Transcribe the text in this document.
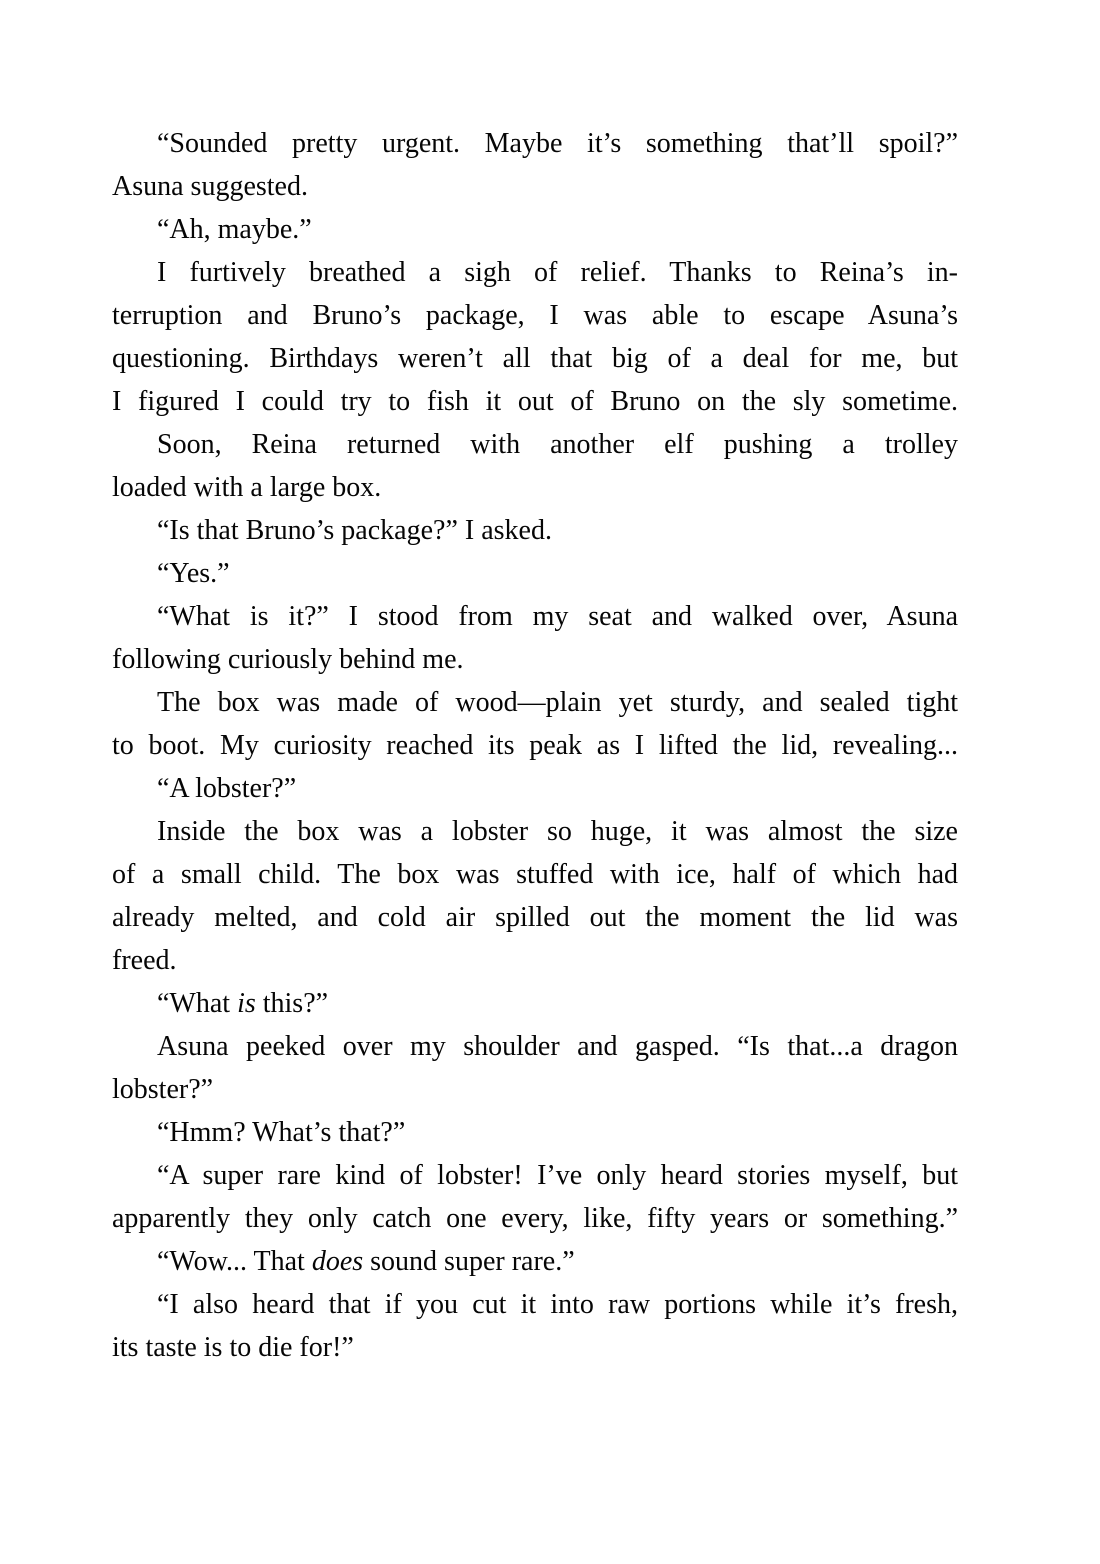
“Sounded pretty urgent. Maybe it’s something that’ll spoil?”
Asuna suggested.
“Ah, maybe.”
I furtively breathed a sigh of relief. Thanks to Reina’s in-
terruption and Bruno’s package, I was able to escape Asuna’s
questioning. Birthdays weren’t all that big of a deal for me, but
I figured I could try to fish it out of Bruno on the sly sometime.
Soon, Reina returned with another elf pushing a trolley
loaded with a large box.
“Is that Bruno’s package?” I asked.
“Yes.”
“What is it?” I stood from my seat and walked over, Asuna
following curiously behind me.
The box was made of wood—plain yet sturdy, and sealed tight
to boot. My curiosity reached its peak as I lifted the lid, revealing...
“A lobster?”
Inside the box was a lobster so huge, it was almost the size
of a small child. The box was stuffed with ice, half of which had
already melted, and cold air spilled out the moment the lid was
freed.
“What is this?”
Asuna peeked over my shoulder and gasped. “Is that...a dragon
lobster?”
“Hmm? What’s that?”
“A super rare kind of lobster! I’ve only heard stories myself, but
apparently they only catch one every, like, fifty years or something.”
“Wow... That does sound super rare.”
“I also heard that if you cut it into raw portions while it’s fresh,
its taste is to die for!”
